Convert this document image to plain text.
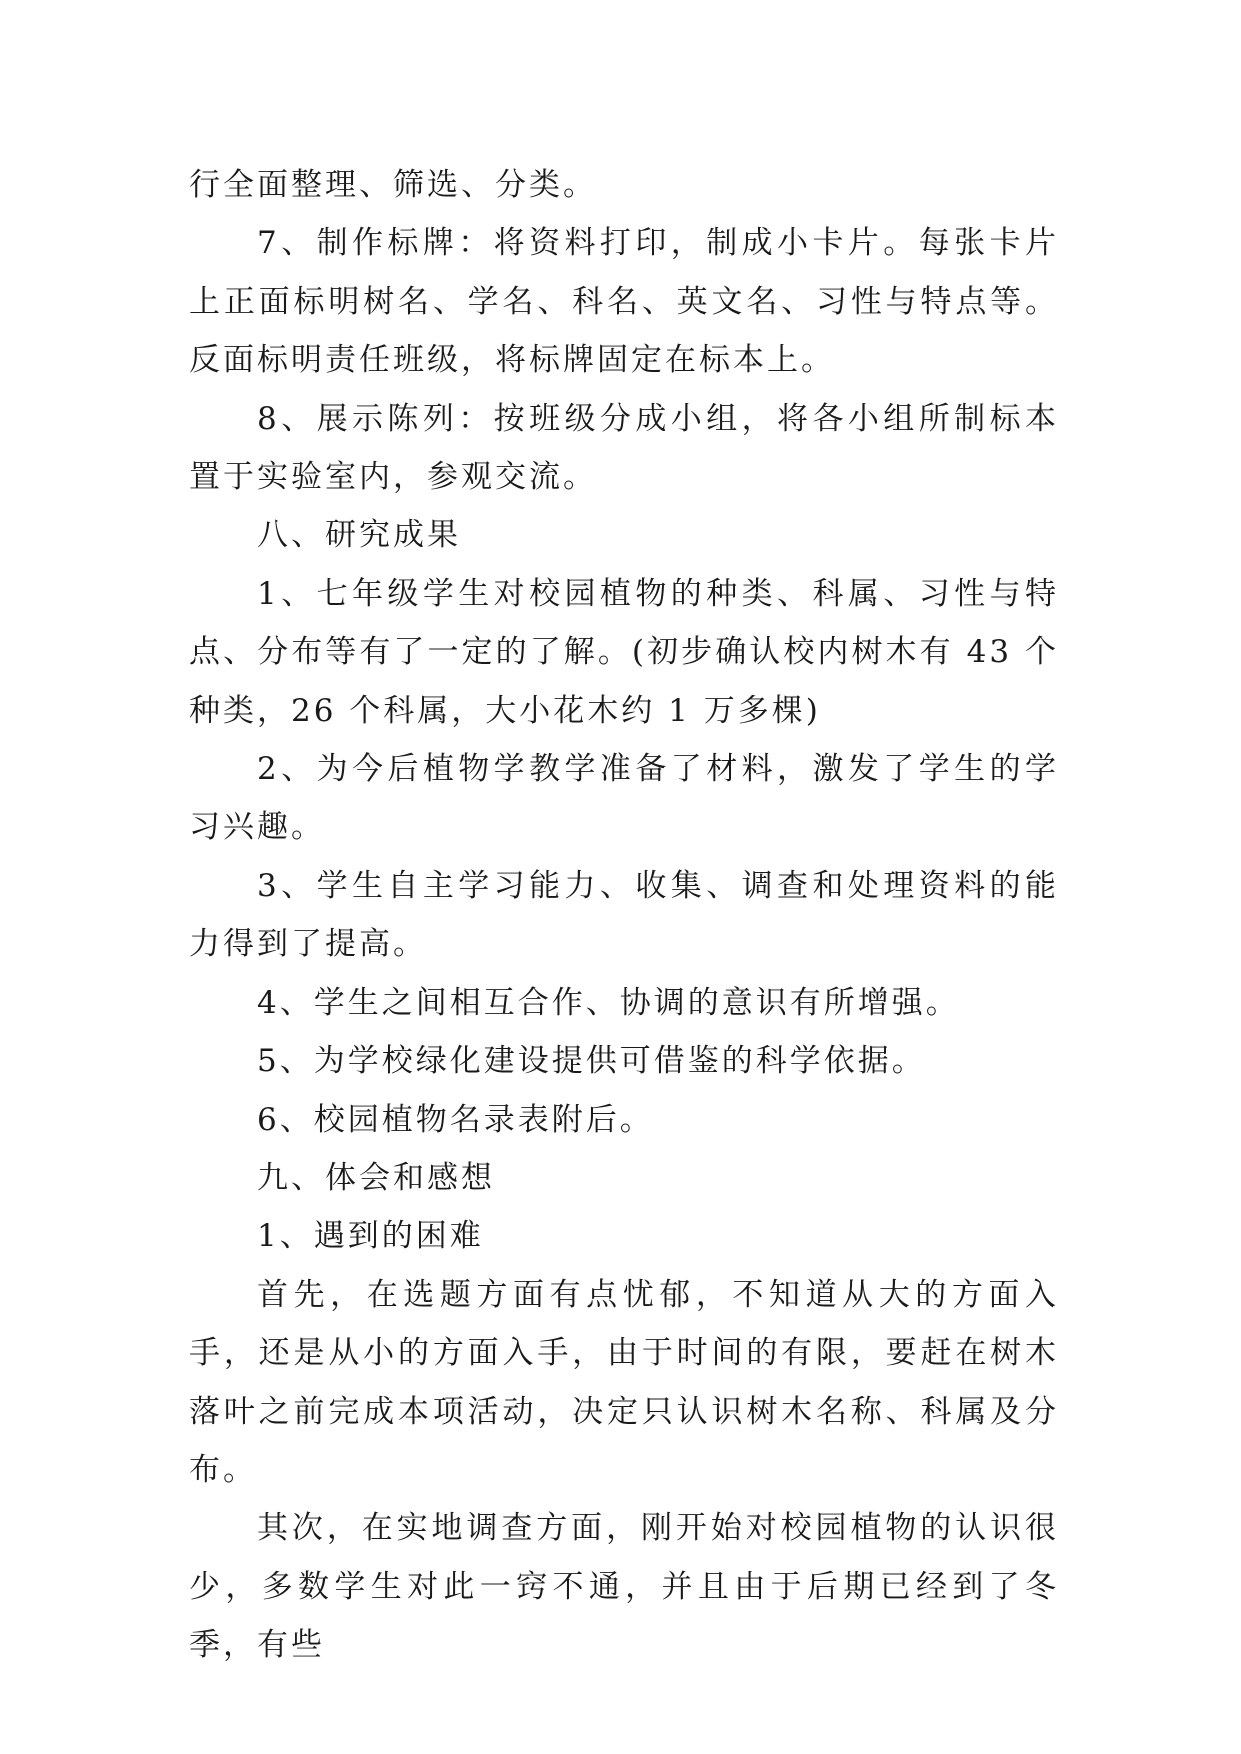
行全面整理、筛选、分类。

7、制作标牌：将资料打印，制成小卡片。每张卡片上正面标明树名、学名、科名、英文名、习性与特点等。反面标明责任班级，将标牌固定在标本上。

8、展示陈列：按班级分成小组，将各小组所制标本置于实验室内，参观交流。

八、研究成果

1、七年级学生对校园植物的种类、科属、习性与特点、分布等有了一定的了解。(初步确认校内树木有 43 个种类，26 个科属，大小花木约 1 万多棵)

2、为今后植物学教学准备了材料，激发了学生的学习兴趣。

3、学生自主学习能力、收集、调查和处理资料的能力得到了提高。

4、学生之间相互合作、协调的意识有所增强。

5、为学校绿化建设提供可借鉴的科学依据。

6、校园植物名录表附后。

九、体会和感想

1、遇到的困难

首先，在选题方面有点忧郁，不知道从大的方面入手，还是从小的方面入手，由于时间的有限，要赶在树木落叶之前完成本项活动，决定只认识树木名称、科属及分布。

其次，在实地调查方面，刚开始对校园植物的认识很少，多数学生对此一窍不通，并且由于后期已经到了冬季，有些
